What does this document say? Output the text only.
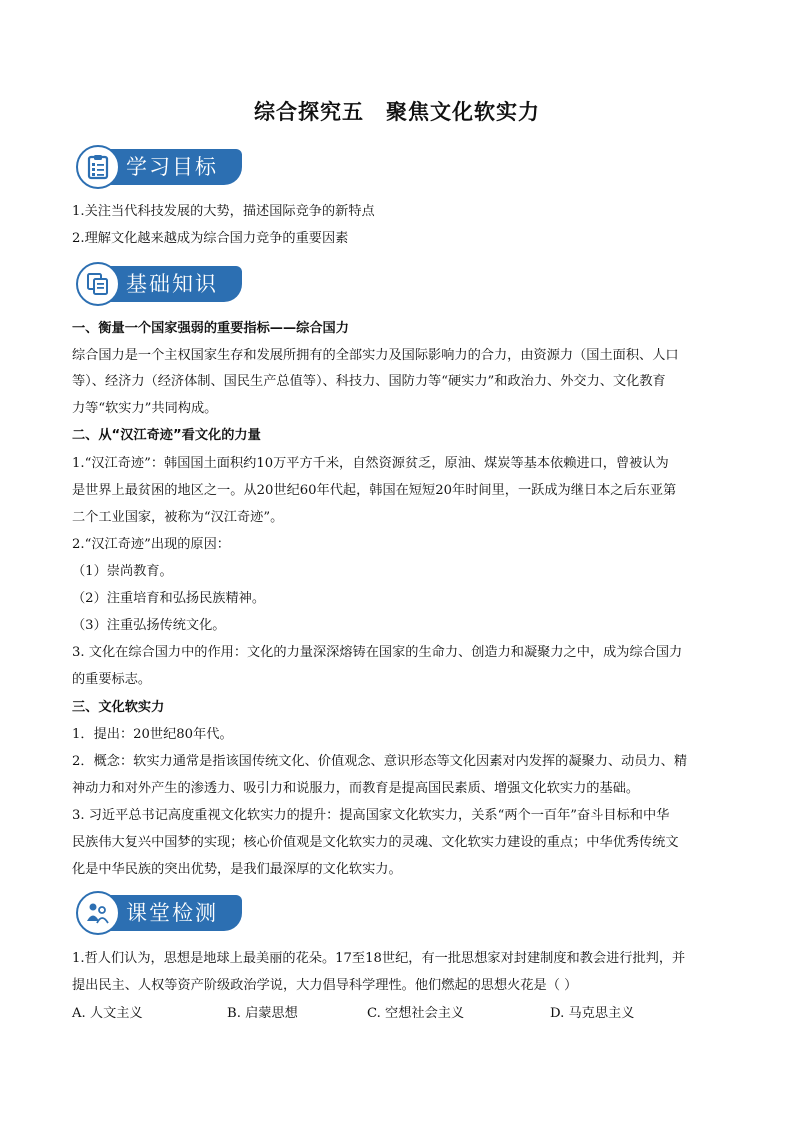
综合探究五　聚焦文化软实力
学习目标
1.关注当代科技发展的大势，描述国际竞争的新特点
2.理解文化越来越成为综合国力竞争的重要因素
基础知识
一、衡量一个国家强弱的重要指标——综合国力
综合国力是一个主权国家生存和发展所拥有的全部实力及国际影响力的合力，由资源力（国土面积、人口
等）、经济力（经济体制、国民生产总值等）、科技力、国防力等“硬实力”和政治力、外交力、文化教育
力等“软实力”共同构成。
二、从“汉江奇迹”看文化的力量
1.“汉江奇迹”：韩国国土面积约10万平方千米，自然资源贫乏，原油、煤炭等基本依赖进口，曾被认为
是世界上最贫困的地区之一。从20世纪60年代起，韩国在短短20年时间里，一跃成为继日本之后东亚第
二个工业国家，被称为“汉江奇迹”。
2.“汉江奇迹”出现的原因：
（1）崇尚教育。
（2）注重培育和弘扬民族精神。
（3）注重弘扬传统文化。
3. 文化在综合国力中的作用：文化的力量深深熔铸在国家的生命力、创造力和凝聚力之中，成为综合国力
的重要标志。
三、文化软实力
1．提出：20世纪80年代。
2．概念：软实力通常是指该国传统文化、价值观念、意识形态等文化因素对内发挥的凝聚力、动员力、精
神动力和对外产生的渗透力、吸引力和说服力，而教育是提高国民素质、增强文化软实力的基础。
3. 习近平总书记高度重视文化软实力的提升：提高国家文化软实力，关系“两个一百年”奋斗目标和中华
民族伟大复兴中国梦的实现；核心价值观是文化软实力的灵魂、文化软实力建设的重点；中华优秀传统文
化是中华民族的突出优势，是我们最深厚的文化软实力。
课堂检测
1.哲人们认为，思想是地球上最美丽的花朵。17至18世纪，有一批思想家对封建制度和教会进行批判，并
提出民主、人权等资产阶级政治学说，大力倡导科学理性。他们燃起的思想火花是（ ）
A. 人文主义	B. 启蒙思想	C. 空想社会主义	D. 马克思主义
